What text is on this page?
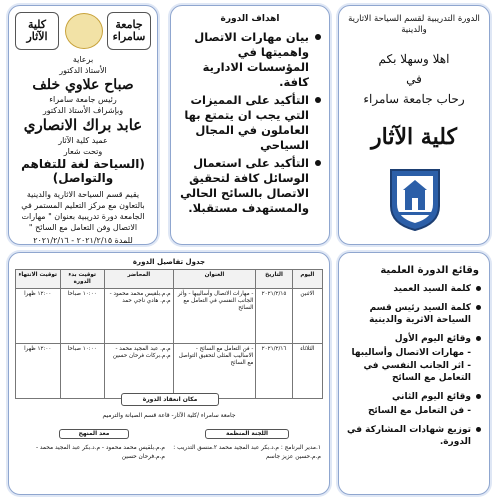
جامعة سامراء
كلية الآثار
برعاية
الأستاذ الدكتور
صباح علاوي خلف
رئيس جامعة سامراء
وبإشراف الأستاذ الدكتور
عابد براك الانصاري
عميد كلية الآثار
وتحت شعار
(السياحة لغة للتفاهم والتواصل)
يقيم قسم السياحة الاثارية والدينية بالتعاون مع مركز التعليم المستمر في الجامعة دورة تدريبية بعنوان " مهارات الاتصال وفن التعامل مع السائح "
للمدة ٢٠٢١/٢/١٥ - ٢٠٢١/٢/١٦
اهداف الدورة
بيان مهارات الاتصال واهميتها في المؤسسات الادارية كافة.
التأكيد على المميزات التي يجب ان يتمتع بها العاملون في المجال السياحي
التأكيد على استعمال الوسائل كافة لتحقيق الاتصال بالسائح الحالي والمستهدف مستقبلا.
الدورة التدريبية لقسم السياحة الاثارية والدينية
اهلا وسهلا بكم
في
رحاب جامعة سامراء
كلية الآثار
جدول تفاصيل الدورة
اليوم	التاريخ	العنوان	المحاضر	توقيت بدء الدورة	توقيت الانتهاء
الاثنين	٢٠٢١/٢/١٥	- مهارات الاتصال وأساليبها - وأثر الجانب النفسي في التعامل مع السائح	م.م.بلقيس محمد محمود - م.م. هادي ناجي حمد	١٠:٠٠ صباحا	١٢:٠٠ ظهرا
الثلاثاء	٢٠٢١/٢/١٦	- فن التعامل مع السائح - الاساليب المثلى لتحقيق التواصل مع السائح	م.م. عبد المجيد محمد - م.م.بركات فرحان حسين	١٠:٠٠ صباحا	١٢:٠٠ ظهرا
مكان انعقاد الدورة
جامعة سامراء /كلية الآثار- قاعة قسم الصيانة والترميم
اللجنة المنظمة
معد المنهج
١.مدير البرنامج : م.د.بكر عبد المجيد محمد ٢.منسق التدريب : م.م.حسين عزيز جاسم
م.م.بلقيس محمد محمود - م.د.بكر عبد المجيد محمد - م.م.فرحان حسين
وقائع الدورة العلمية
كلمة السيد العميد
كلمة السيد رئيس قسم السياحة الاثرية والدينية
وقائع اليوم الأول
- مهارات الاتصال وأساليبها - اثر الجانب النفسي في التعامل مع السائح
وقائع اليوم الثاني
- فن التعامل مع السائح
توزيع شهادات المشاركة في الدورة.
